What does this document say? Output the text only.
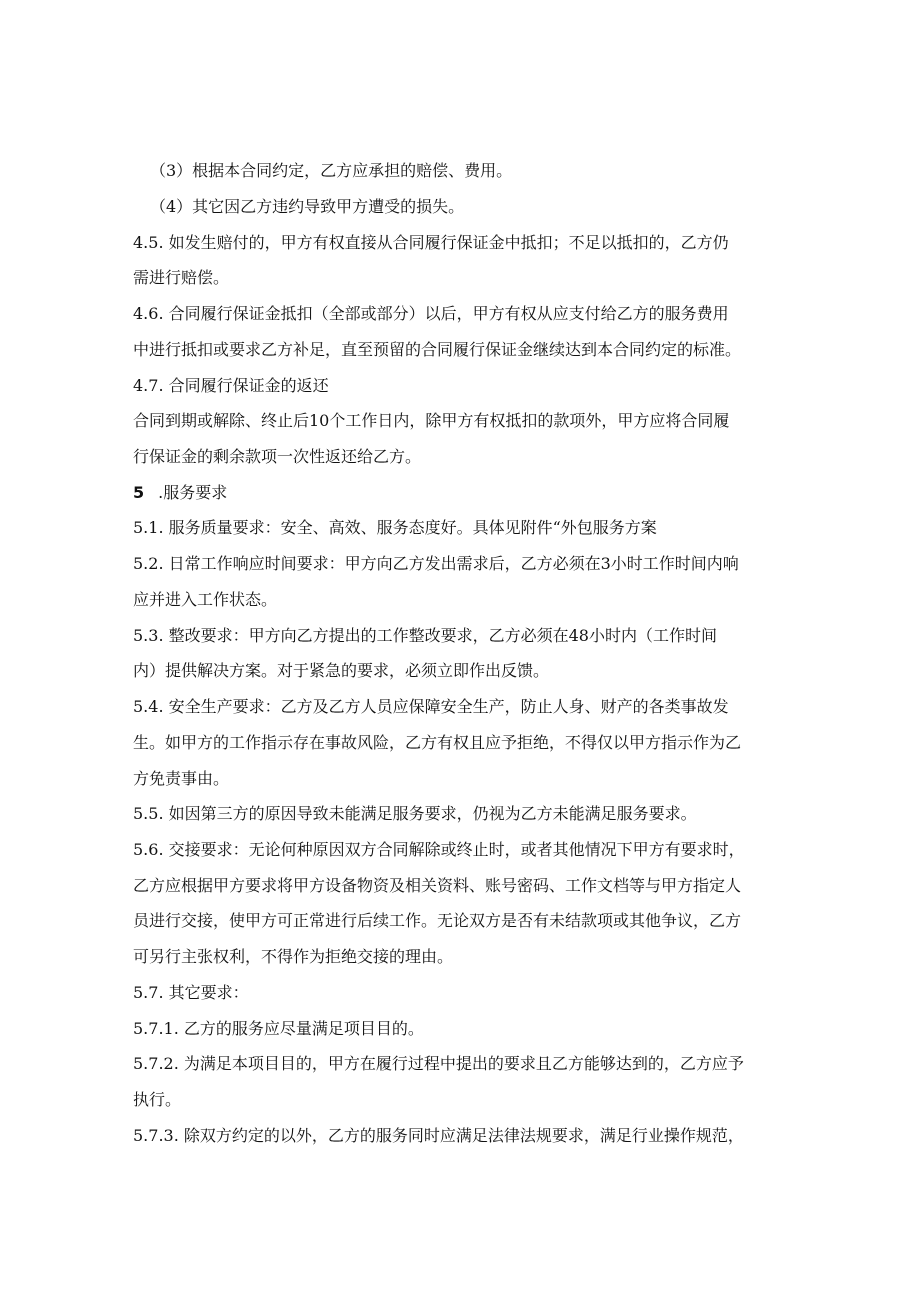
（3）根据本合同约定，乙方应承担的赔偿、费用。
（4）其它因乙方违约导致甲方遭受的损失。
4.5. 如发生赔付的，甲方有权直接从合同履行保证金中抵扣；不足以抵扣的，乙方仍
需进行赔偿。
4.6. 合同履行保证金抵扣（全部或部分）以后，甲方有权从应支付给乙方的服务费用
中进行抵扣或要求乙方补足，直至预留的合同履行保证金继续达到本合同约定的标准。
4.7. 合同履行保证金的返还
合同到期或解除、终止后10个工作日内，除甲方有权抵扣的款项外，甲方应将合同履
行保证金的剩余款项一次性返还给乙方。
5 .服务要求
5.1. 服务质量要求：安全、高效、服务态度好。具体见附件“外包服务方案
5.2. 日常工作响应时间要求：甲方向乙方发出需求后，乙方必须在3小时工作时间内响
应并进入工作状态。
5.3. 整改要求：甲方向乙方提出的工作整改要求，乙方必须在48小时内（工作时间
内）提供解决方案。对于紧急的要求，必须立即作出反馈。
5.4. 安全生产要求：乙方及乙方人员应保障安全生产，防止人身、财产的各类事故发
生。如甲方的工作指示存在事故风险，乙方有权且应予拒绝，不得仅以甲方指示作为乙
方免责事由。
5.5. 如因第三方的原因导致未能满足服务要求，仍视为乙方未能满足服务要求。
5.6. 交接要求：无论何种原因双方合同解除或终止时，或者其他情况下甲方有要求时，
乙方应根据甲方要求将甲方设备物资及相关资料、账号密码、工作文档等与甲方指定人
员进行交接，使甲方可正常进行后续工作。无论双方是否有未结款项或其他争议，乙方
可另行主张权利，不得作为拒绝交接的理由。
5.7. 其它要求：
5.7.1. 乙方的服务应尽量满足项目目的。
5.7.2. 为满足本项目目的，甲方在履行过程中提出的要求且乙方能够达到的，乙方应予
执行。
5.7.3. 除双方约定的以外，乙方的服务同时应满足法律法规要求，满足行业操作规范，
